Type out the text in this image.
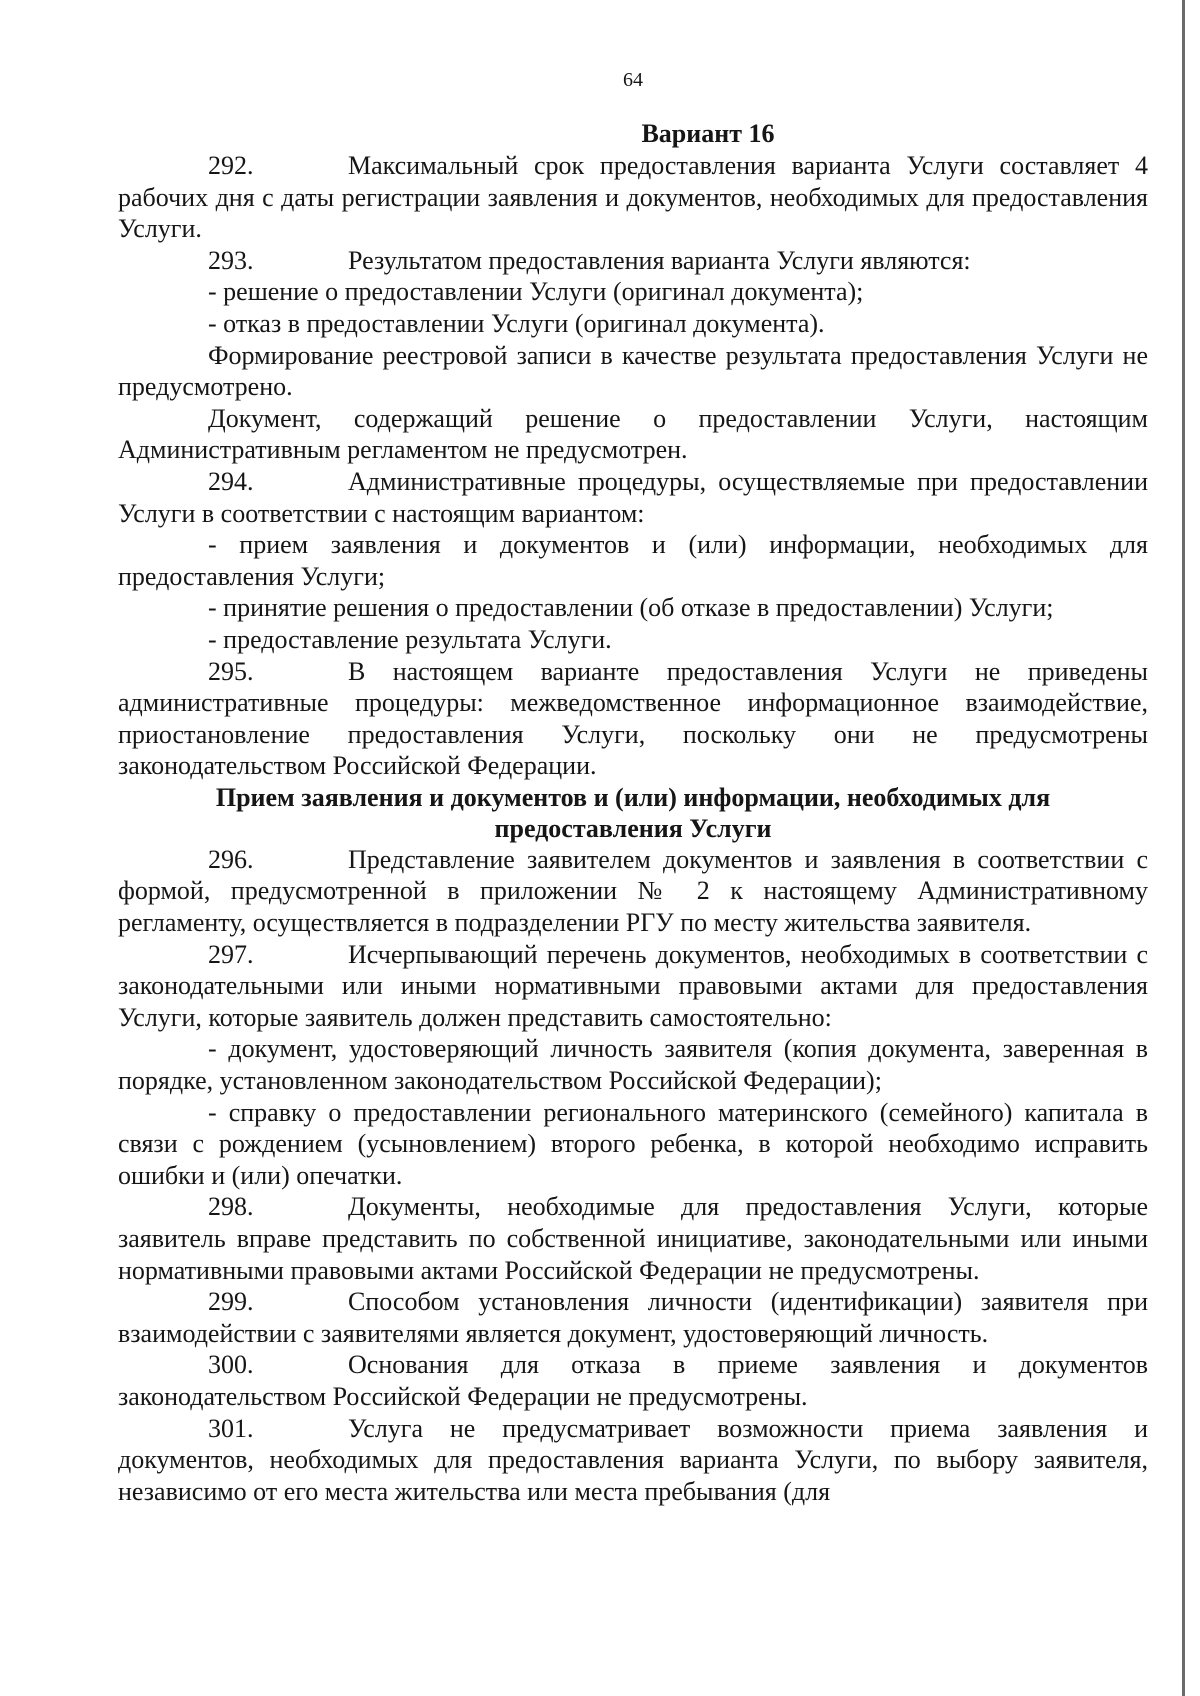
64
Вариант 16

292.	Максимальный срок предоставления варианта Услуги составляет 4 рабочих дня с даты регистрации заявления и документов, необходимых для предоставления Услуги.

293.	Результатом предоставления варианта Услуги являются:

- решение о предоставлении Услуги (оригинал документа);

- отказ в предоставлении Услуги (оригинал документа).

Формирование реестровой записи в качестве результата предоставления Услуги не предусмотрено.

Документ, содержащий решение о предоставлении Услуги, настоящим Административным регламентом не предусмотрен.

294.	Административные процедуры, осуществляемые при предоставлении Услуги в соответствии с настоящим вариантом:

- прием заявления и документов и (или) информации, необходимых для предоставления Услуги;

- принятие решения о предоставлении (об отказе в предоставлении) Услуги;

- предоставление результата Услуги.

295.	В настоящем варианте предоставления Услуги не приведены административные процедуры: межведомственное информационное взаимодействие, приостановление предоставления Услуги, поскольку они не предусмотрены законодательством Российской Федерации.

Прием заявления и документов и (или) информации, необходимых для предоставления Услуги

296.	Представление заявителем документов и заявления в соответствии с формой, предусмотренной в приложении № 2 к настоящему Административному регламенту, осуществляется в подразделении РГУ по месту жительства заявителя.

297.	Исчерпывающий перечень документов, необходимых в соответствии с законодательными или иными нормативными правовыми актами для предоставления Услуги, которые заявитель должен представить самостоятельно:

- документ, удостоверяющий личность заявителя (копия документа, заверенная в порядке, установленном законодательством Российской Федерации);

- справку о предоставлении регионального материнского (семейного) капитала в связи с рождением (усыновлением) второго ребенка, в которой необходимо исправить ошибки и (или) опечатки.

298.	Документы, необходимые для предоставления Услуги, которые заявитель вправе представить по собственной инициативе, законодательными или иными нормативными правовыми актами Российской Федерации не предусмотрены.

299.	Способом установления личности (идентификации) заявителя при взаимодействии с заявителями является документ, удостоверяющий личность.

300.	Основания для отказа в приеме заявления и документов законодательством Российской Федерации не предусмотрены.

301.	Услуга не предусматривает возможности приема заявления и документов, необходимых для предоставления варианта Услуги, по выбору заявителя, независимо от его места жительства или места пребывания (для
